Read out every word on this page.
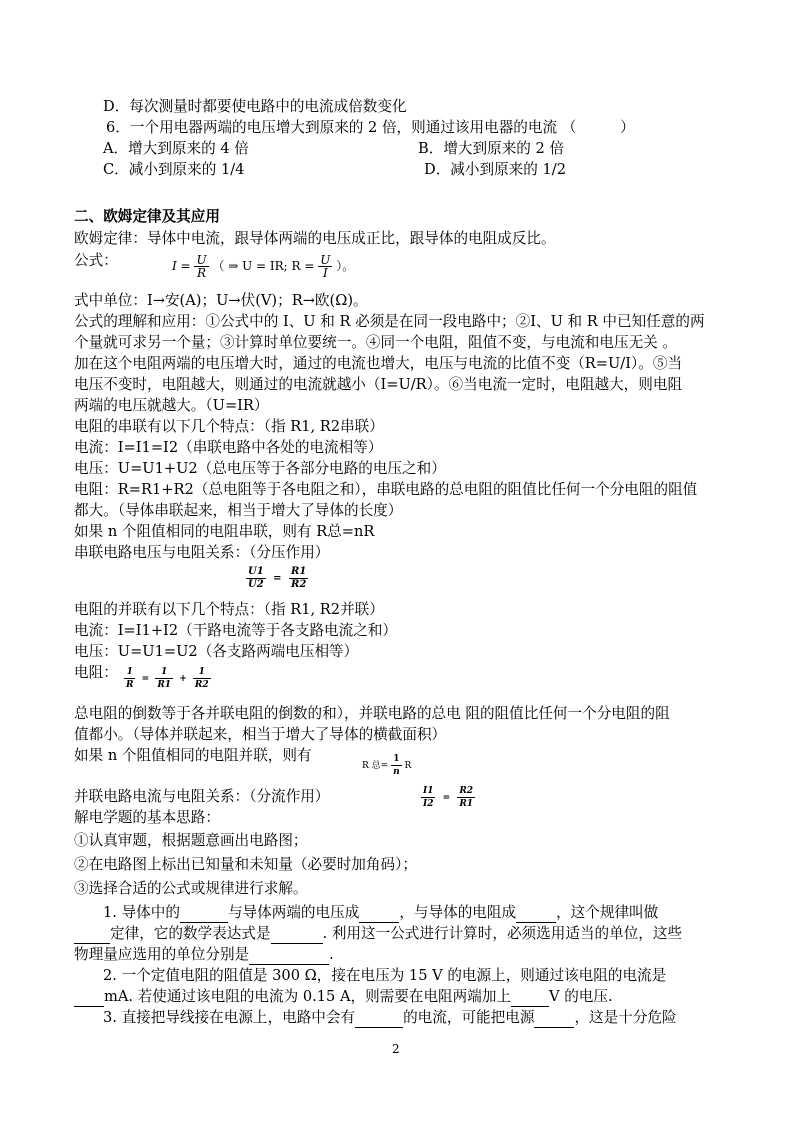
D．每次测量时都要使电路中的电流成倍数变化
6．一个用电器两端的电压增大到原来的 2 倍，则通过该用电器的电流 （　　　）
A．增大到原来的 4 倍	B．增大到原来的 2 倍
C．减小到原来的 1/4	D．减小到原来的 1/2
二、欧姆定律及其应用
欧姆定律：导体中电流，跟导体两端的电压成正比，跟导体的电阻成反比。
公式：	$I = \frac{U}{R}$ （ ⇒ U = IR; $R = \frac{U}{I}$ ）。
式中单位：I→安(A)；U→伏(V)；R→欧(Ω)。
公式的理解和应用：①公式中的 I、U 和 R 必须是在同一段电路中；②I、U 和 R 中已知任意的两
个量就可求另一个量；③计算时单位要统一。④同一个电阻，阻值不变，与电流和电压无关 。
加在这个电阻两端的电压增大时，通过的电流也增大，电压与电流的比值不变（R=U/I）。⑤当
电压不变时，电阻越大，则通过的电流就越小（I=U/R）。⑥当电流一定时，电阻越大，则电阻
两端的电压就越大。（U=IR）
电阻的串联有以下几个特点：（指 R1, R2串联）
电流：I=I1=I2（串联电路中各处的电流相等）
电压：U=U1+U2（总电压等于各部分电路的电压之和）
电阻：R=R1+R2（总电阻等于各电阻之和），串联电路的总电阻的阻值比任何一个分电阻的阻值
都大。（导体串联起来，相当于增大了导体的长度）
如果 n 个阻值相同的电阻串联，则有 R总=nR
串联电路电压与电阻关系：（分压作用）
$\frac{U1}{U2} = \frac{R1}{R2}$
电阻的并联有以下几个特点：（指 R1, R2并联）
电流：I=I1+I2（干路电流等于各支路电流之和）
电压：U=U1=U2（各支路两端电压相等）
电阻： $\frac{1}{R} = \frac{1}{R1} + \frac{1}{R2}$
总电阻的倒数等于各并联电阻的倒数的和），并联电路的总电 阻的阻值比任何一个分电阻的阻
值都小。（导体并联起来，相当于增大了导体的横截面积）
如果 n 个阻值相同的电阻并联，则有
R 总= $\frac{1}{n}$ R
并联电路电流与电阻关系：（分流作用）	$\frac{I1}{I2} = \frac{R2}{R1}$
解电学题的基本思路：
①认真审题，根据题意画出电路图；
②在电路图上标出已知量和未知量（必要时加角码）；
③选择合适的公式或规律进行求解。
1. 导体中的	与导体两端的电压成	，与导体的电阻成	，这个规律叫做
定律，它的数学表达式是	. 利用这一公式进行计算时，必须选用适当的单位，这些
物理量应选用的单位分别是	.
2. 一个定值电阻的阻值是 300 Ω，接在电压为 15 V 的电源上，则通过该电阻的电流是
mA. 若使通过该电阻的电流为 0.15 A，则需要在电阻两端加上	V 的电压.
3. 直接把导线接在电源上，电路中会有	的电流，可能把电源	，这是十分危险
2
